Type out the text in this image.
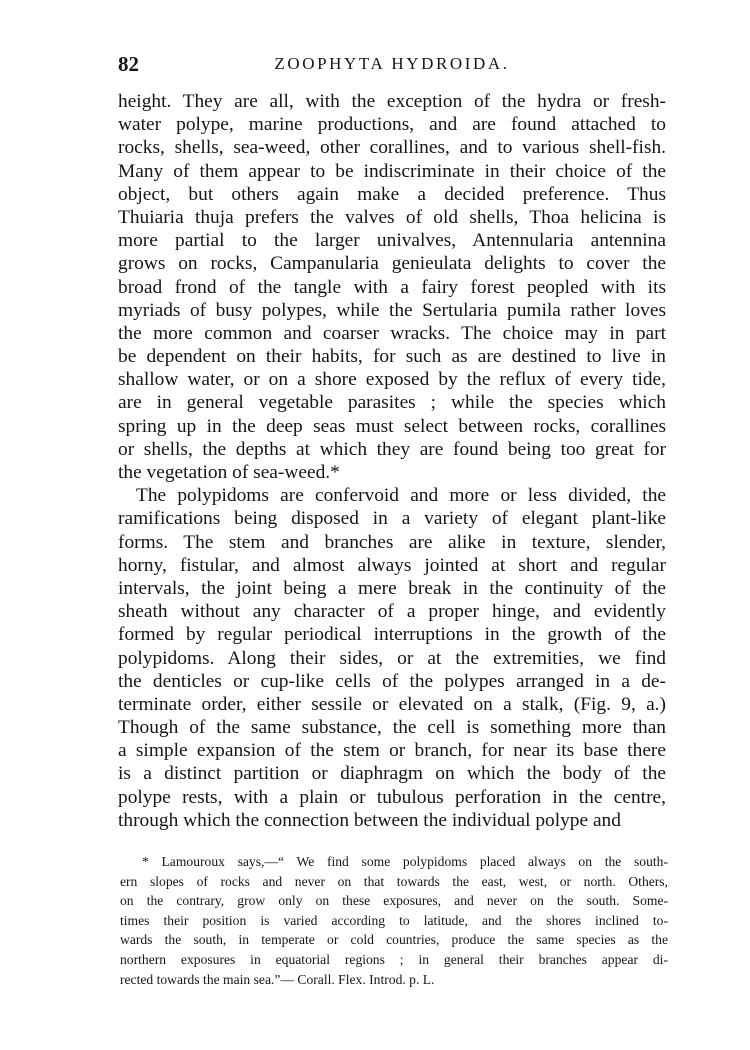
82	ZOOPHYTA HYDROIDA.
height. They are all, with the exception of the hydra or fresh-
water polype, marine productions, and are found attached to
rocks, shells, sea-weed, other corallines, and to various shell-fish.
Many of them appear to be indiscriminate in their choice of the
object, but others again make a decided preference. Thus
Thuiaria thuja prefers the valves of old shells, Thoa helicina is
more partial to the larger univalves, Antennularia antennina
grows on rocks, Campanularia genieulata delights to cover the
broad frond of the tangle with a fairy forest peopled with its
myriads of busy polypes, while the Sertularia pumila rather loves
the more common and coarser wracks. The choice may in part
be dependent on their habits, for such as are destined to live in
shallow water, or on a shore exposed by the reflux of every tide,
are in general vegetable parasites ; while the species which
spring up in the deep seas must select between rocks, corallines
or shells, the depths at which they are found being too great for
the vegetation of sea-weed.*
The polypidoms are confervoid and more or less divided, the
ramifications being disposed in a variety of elegant plant-like
forms. The stem and branches are alike in texture, slender,
horny, fistular, and almost always jointed at short and regular
intervals, the joint being a mere break in the continuity of the
sheath without any character of a proper hinge, and evidently
formed by regular periodical interruptions in the growth of the
polypidoms. Along their sides, or at the extremities, we find
the denticles or cup-like cells of the polypes arranged in a de-
terminate order, either sessile or elevated on a stalk, (Fig. 9, a.)
Though of the same substance, the cell is something more than
a simple expansion of the stem or branch, for near its base there
is a distinct partition or diaphragm on which the body of the
polype rests, with a plain or tubulous perforation in the centre,
through which the connection between the individual polype and
* Lamouroux says,—“ We find some polypidoms placed always on the south-
ern slopes of rocks and never on that towards the east, west, or north. Others,
on the contrary, grow only on these exposures, and never on the south. Some-
times their position is varied according to latitude, and the shores inclined to-
wards the south, in temperate or cold countries, produce the same species as the
northern exposures in equatorial regions ; in general their branches appear di-
rected towards the main sea.”— Corall. Flex. Introd. p. L.
